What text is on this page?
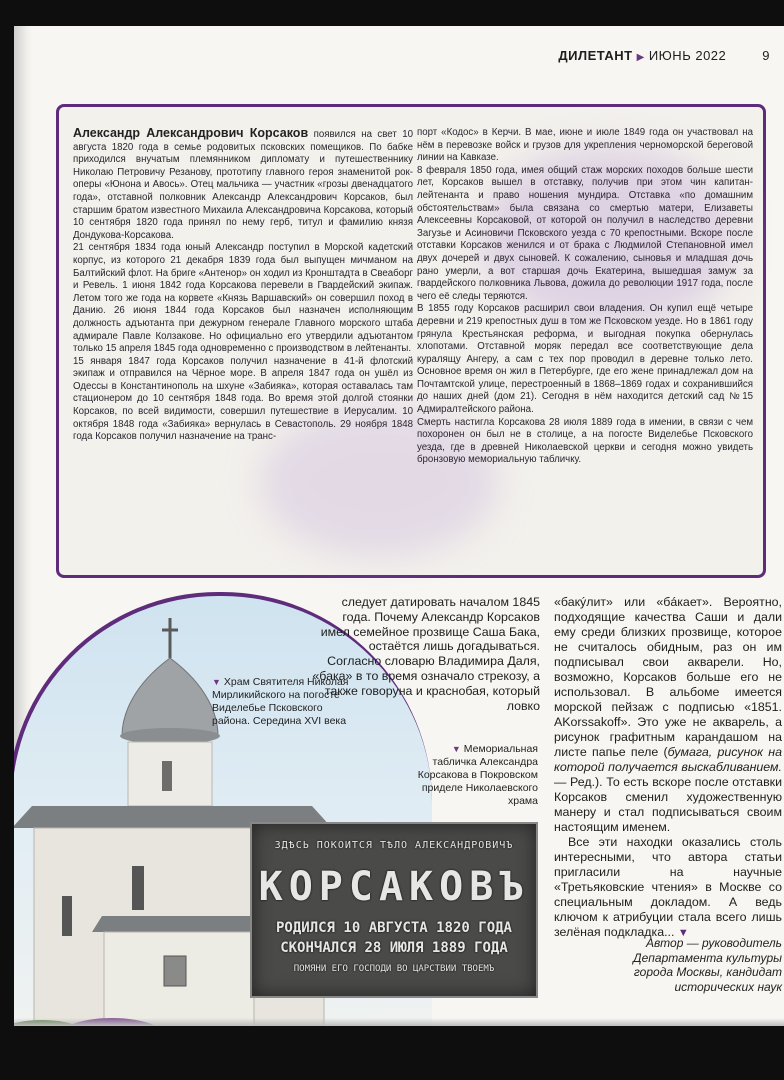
ДИЛЕТАНТ ▶ ИЮНЬ 2022	9

Александр Александрович Корсаков появился на свет 10 августа 1820 года в семье родовитых псковских помещиков. По бабке приходился внучатым племянником дипломату и путешественнику Николаю Петровичу Резанову, прототипу главного героя знаменитой рок-оперы «Юнона и Авось». Отец мальчика — участник «грозы двенадцатого года», отставной полковник Александр Александрович Корсаков, был старшим братом известного Михаила Александровича Корсакова, который 10 сентября 1820 года принял по нему герб, титул и фамилию князя Дондукова-Корсакова.

21 сентября 1834 года юный Александр поступил в Морской кадетский корпус, из которого 21 декабря 1839 года был выпущен мичманом на Балтийский флот. На бриге «Антенор» он ходил из Кронштадта в Свеаборг и Ревель. 1 июня 1842 года Корсакова перевели в Гвардейский экипаж. Летом того же года на корвете «Князь Варшавский» он совершил поход в Данию. 26 июня 1844 года Корсаков был назначен исполняющим должность адъютанта при дежурном генерале Главного морского штаба адмирале Павле Колзакове. Но официально его утвердили адъютантом только 15 апреля 1845 года одновременно с производством в лейтенанты.

15 января 1847 года Корсаков получил назначение в 41-й флотский экипаж и отправился на Чёрное море. В апреля 1847 года он ушёл из Одессы в Константинополь на шхуне «Забияка», которая оставалась там стационером до 10 сентября 1848 года. Во время этой долгой стоянки Корсаков, по всей видимости, совершил путешествие в Иерусалим. 10 октября 1848 года «Забияка» вернулась в Севастополь. 29 ноября 1848 года Корсаков получил назначение на транс-

порт «Кодос» в Керчи. В мае, июне и июле 1849 года он участвовал на нём в перевозке войск и грузов для укрепления черноморской береговой линии на Кавказе.

8 февраля 1850 года, имея общий стаж морских походов больше шести лет, Корсаков вышел в отставку, получив при этом чин капитан-лейтенанта и право ношения мундира. Отставка «по домашним обстоятельствам» была связана со смертью матери, Елизаветы Алексеевны Корсаковой, от которой он получил в наследство деревни Загузье и Асиновичи Псковского уезда с 70 крепостными. Вскоре после отставки Корсаков женился и от брака с Людмилой Степановной имел двух дочерей и двух сыновей. К сожалению, сыновья и младшая дочь рано умерли, а вот старшая дочь Екатерина, вышедшая замуж за гвардейского полковника Львова, дожила до революции 1917 года, после чего её следы теряются.

В 1855 году Корсаков расширил свои владения. Он купил ещё четыре деревни и 219 крепостных душ в том же Псковском уезде. Но в 1861 году грянула Крестьянская реформа, и выгодная покупка обернулась хлопотами. Отставной моряк передал все соответствующие дела куралящу Ангеру, а сам с тех пор проводил в деревне только лето. Основное время он жил в Петербурге, где его жене принадлежал дом на Почтамтской улице, перестроенный в 1868–1869 годах и сохранившийся до наших дней (дом 21). Сегодня в нём находится детский сад №15 Адмиралтейского района.

Смерть настигла Корсакова 28 июля 1889 года в имении, в связи с чем похоронен он был не в столице, а на погосте Виделебье Псковского уезда, где в древней Николаевской церкви и сегодня можно увидеть бронзовую мемориальную табличку.

▼ Храм Святителя Николая Мирликийского на погосте Виделебье Псковского района. Середина XVI века
▼ Мемориальная табличка Александра Корсакова в Покровском приделе Николаевского храма
ЗДѢСЬ ПОКОИТСЯ ТѢЛО АЛЕКСАНДРОВИЧЪ
КОРСАКОВЪ
РОДИЛСЯ 10 АВГУСТА 1820 ГОДА
СКОНЧАЛСЯ 28 ИЮЛЯ 1889 ГОДА
ПОМЯНИ ЕГО ГОСПОДИ ВО ЦАРСТВИИ ТВОЕМЪ

следует датировать началом 1845 года. Почему Александр Корсаков имел семейное прозвище Саша Бака, остаётся лишь догадываться. Согласно словарю Владимира Даля, «бака» в то время означало стрекозу, а также говорунa и краснобая, который ловко

«бакýлит» или «бáкает». Вероятно, подходящие качества Саши и дали ему среди близких прозвище, которое не считалось обидным, раз он им подписывал свои акварели. Но, возможно, Корсаков больше его не использовал. В альбоме имеется морской пейзаж с подписью «1851. AKorssakoff». Это уже не акварель, а рисунок графитным карандашом на листе папье пеле (бумага, рисунок на которой получается выскабливанием. — Ред.). То есть вскоре после отставки Корсаков сменил художественную манеру и стал подписываться своим настоящим именем.

Все эти находки оказались столь интересными, что автора статьи пригласили на научные «Третьяковские чтения» в Москве со специальным докладом. А ведь ключом к атрибуции стала всего лишь зелёная подкладка... ▼

Автор — руководитель Департамента культуры города Москвы, кандидат исторических наук
